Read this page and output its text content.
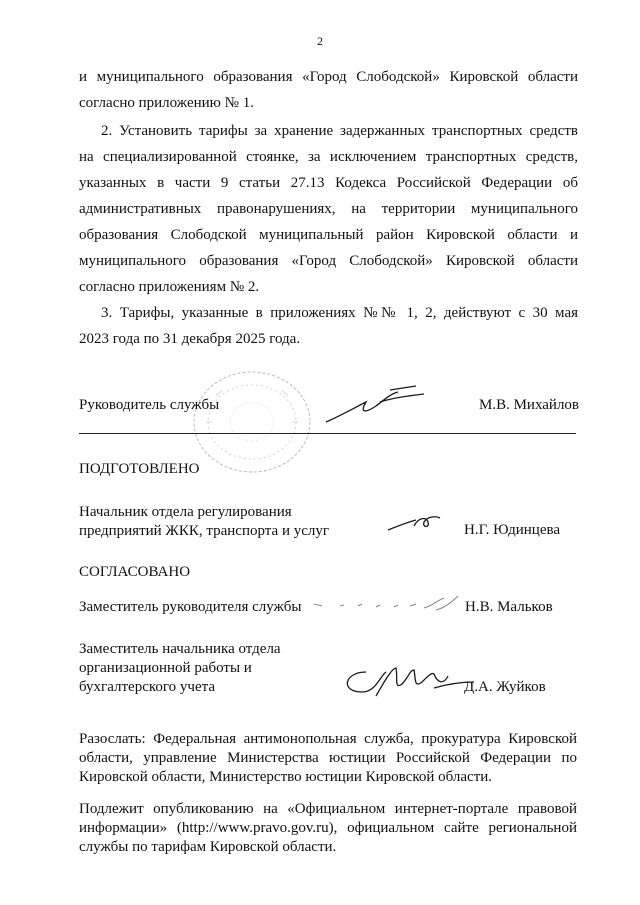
2
и муниципального образования «Город Слободской» Кировской области
согласно приложению № 1.
2. Установить тарифы за хранение задержанных транспортных средств
на специализированной стоянке, за исключением транспортных средств,
указанных в части 9 статьи 27.13 Кодекса Российской Федерации об
административных правонарушениях, на территории муниципального
образования Слободской муниципальный район Кировской области и
муниципального образования «Город Слободской» Кировской области
согласно приложениям № 2.
3. Тарифы, указанные в приложениях №№ 1, 2, действуют с 30 мая
2023 года по 31 декабря 2025 года.
Руководитель службы	М.В. Михайлов
ПОДГОТОВЛЕНО
Начальник отдела регулирования
предприятий ЖКК, транспорта и услуг	Н.Г. Юдинцева
СОГЛАСОВАНО
Заместитель руководителя службы	Н.В. Мальков
Заместитель начальника отдела
организационной работы и
бухгалтерского учета	Д.А. Жуйков
Разослать: Федеральная антимонопольная служба, прокуратура Кировской
области, управление Министерства юстиции Российской Федерации по
Кировской области, Министерство юстиции Кировской области.
Подлежит опубликованию на «Официальном интернет-портале правовой
информации» (http://www.pravo.gov.ru), официальном сайте региональной
службы по тарифам Кировской области.
